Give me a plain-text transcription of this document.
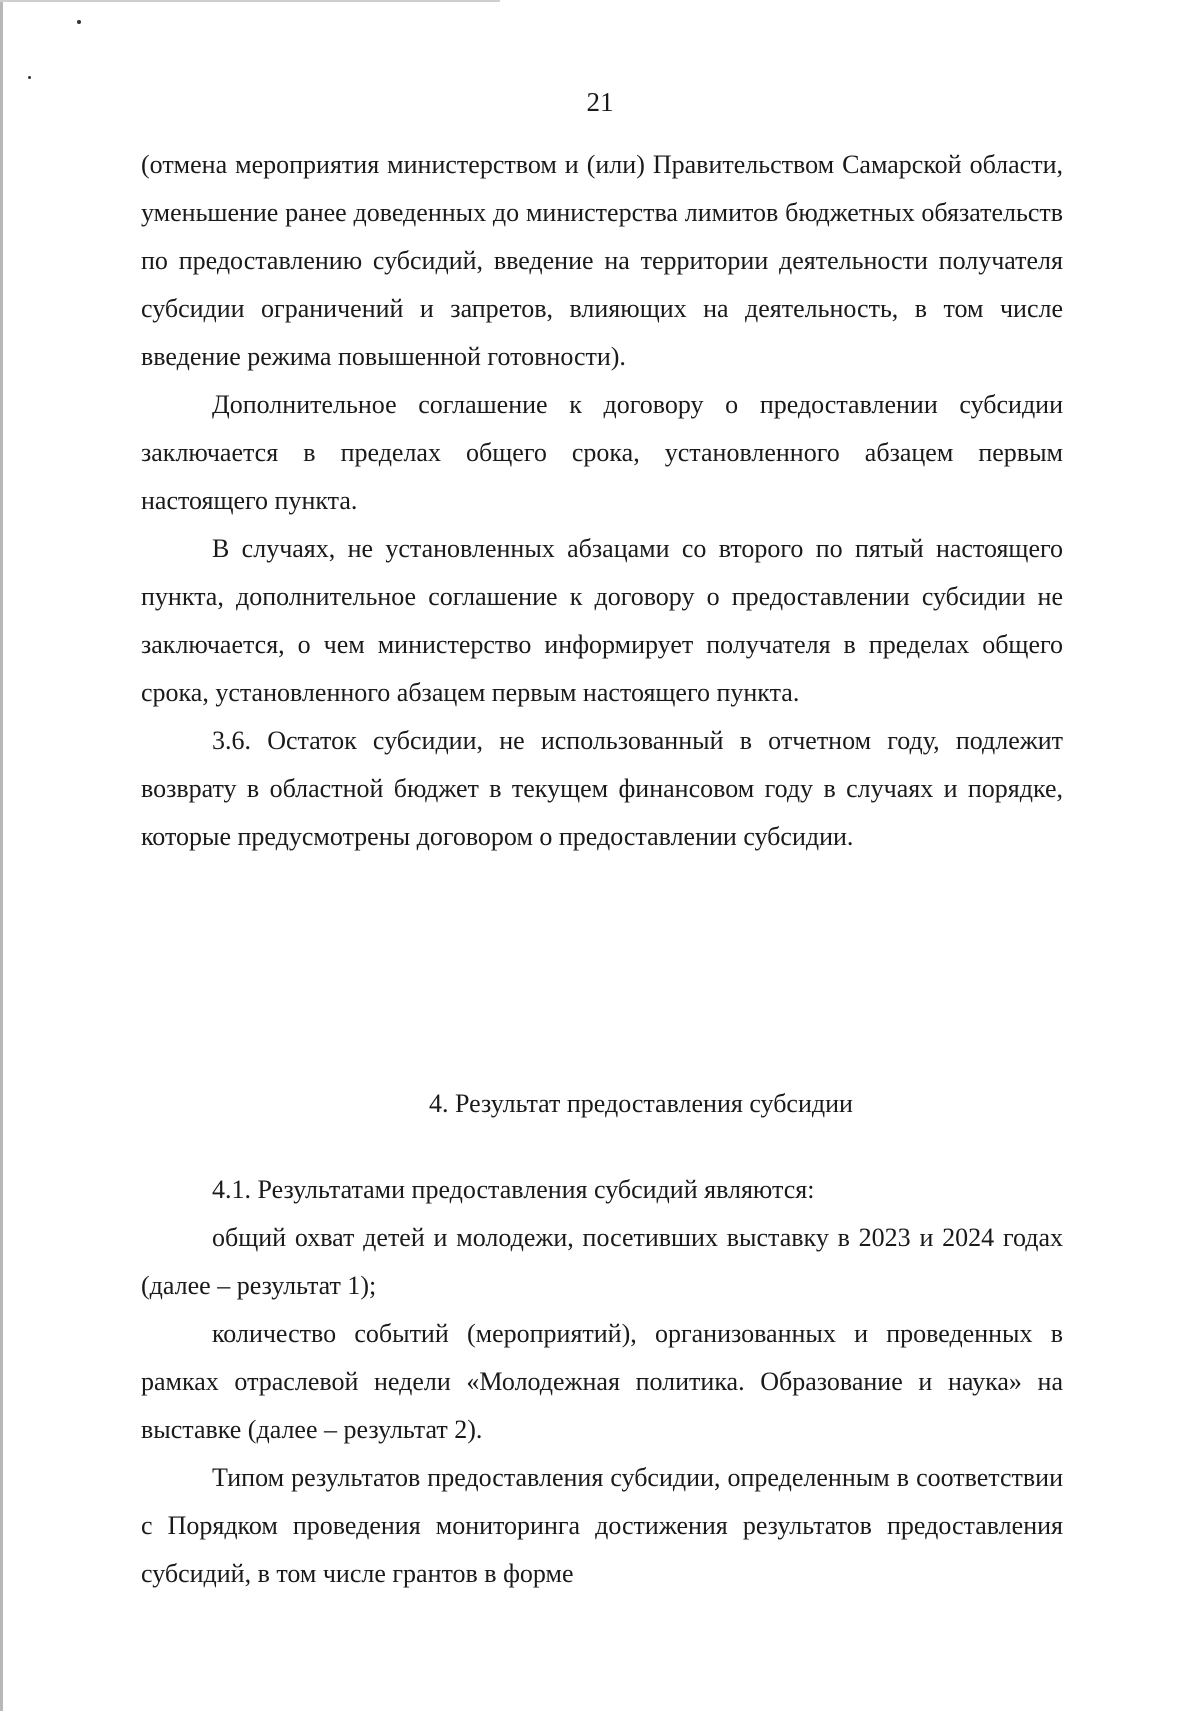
21

(отмена мероприятия министерством и (или) Правительством Самарской области, уменьшение ранее доведенных до министерства лимитов бюджетных обязательств по предоставлению субсидий, введение на территории деятельности получателя субсидии ограничений и запретов, влияющих на деятельность, в том числе введение режима повышенной готовности).

Дополнительное соглашение к договору о предоставлении субсидии заключается в пределах общего срока, установленного абзацем первым настоящего пункта.

В случаях, не установленных абзацами со второго по пятый настоящего пункта, дополнительное соглашение к договору о предоставлении субсидии не заключается, о чем министерство информирует получателя в пределах общего срока, установленного абзацем первым настоящего пункта.

3.6. Остаток субсидии, не использованный в отчетном году, подлежит возврату в областной бюджет в текущем финансовом году в случаях и порядке, которые предусмотрены договором о предоставлении субсидии.

4. Результат предоставления субсидии

4.1. Результатами предоставления субсидий являются:

общий охват детей и молодежи, посетивших выставку в 2023 и 2024 годах (далее – результат 1);

количество событий (мероприятий), организованных и проведенных в рамках отраслевой недели «Молодежная политика. Образование и наука» на выставке (далее – результат 2).

Типом результатов предоставления субсидии, определенным в соответствии с Порядком проведения мониторинга достижения результатов предоставления субсидий, в том числе грантов в форме
